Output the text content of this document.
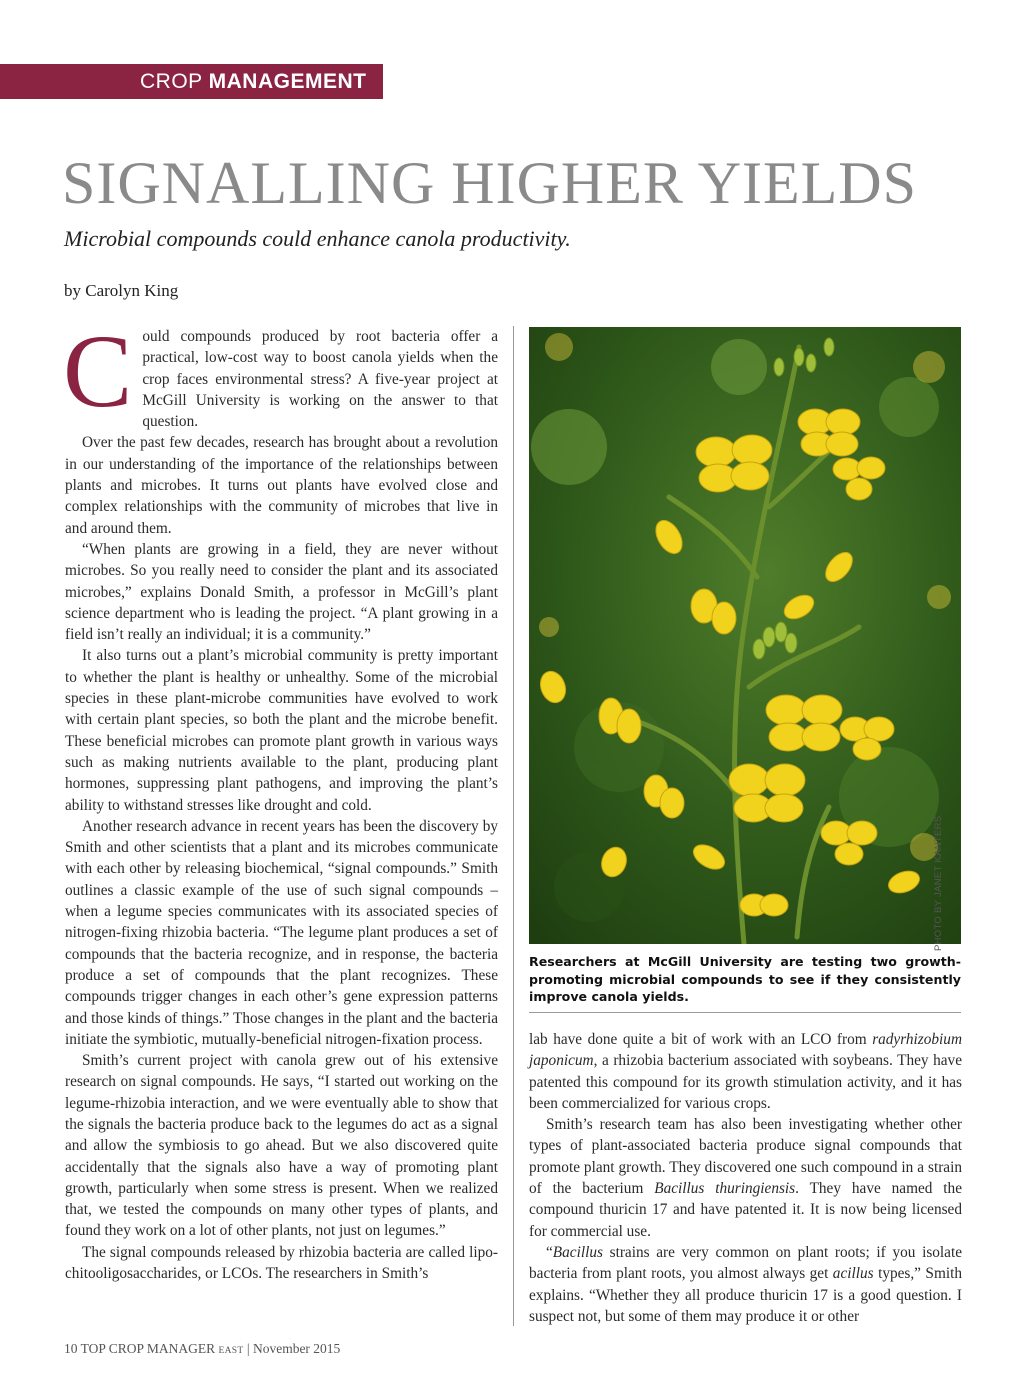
CROP MANAGEMENT
SIGNALLING HIGHER YIELDS
Microbial compounds could enhance canola productivity.
by Carolyn King

Could compounds produced by root bacteria offer a practical, low-cost way to boost canola yields when the crop faces environmental stress? A five-year project at McGill University is working on the answer to that question.

Over the past few decades, research has brought about a revolution in our understanding of the importance of the relationships between plants and microbes. It turns out plants have evolved close and complex relationships with the community of microbes that live in and around them.

“When plants are growing in a field, they are never without microbes. So you really need to consider the plant and its associated microbes,” explains Donald Smith, a professor in McGill’s plant science department who is leading the project. “A plant growing in a field isn’t really an individual; it is a community.”

It also turns out a plant’s microbial community is pretty important to whether the plant is healthy or unhealthy. Some of the microbial species in these plant-microbe communities have evolved to work with certain plant species, so both the plant and the microbe benefit. These beneficial microbes can promote plant growth in various ways such as making nutrients available to the plant, producing plant hormones, suppressing plant pathogens, and improving the plant’s ability to withstand stresses like drought and cold.

Another research advance in recent years has been the discovery by Smith and other scientists that a plant and its microbes communicate with each other by releasing biochemical, “signal compounds.” Smith outlines a classic example of the use of such signal compounds – when a legume species communicates with its associated species of nitrogen-fixing rhizobia bacteria. “The legume plant produces a set of compounds that the bacteria recognize, and in response, the bacteria produce a set of compounds that the plant recognizes. These compounds trigger changes in each other’s gene expression patterns and those kinds of things.” Those changes in the plant and the bacteria initiate the symbiotic, mutually-beneficial nitrogen-fixation process.

Smith’s current project with canola grew out of his extensive research on signal compounds. He says, “I started out working on the legume-rhizobia interaction, and we were eventually able to show that the signals the bacteria produce back to the legumes do act as a signal and allow the symbiosis to go ahead. But we also discovered quite accidentally that the signals also have a way of promoting plant growth, particularly when some stress is present. When we realized that, we tested the compounds on many other types of plants, and found they work on a lot of other plants, not just on legumes.”

The signal compounds released by rhizobia bacteria are called lipo-chitooligosaccharides, or LCOs. The researchers in Smith’s

PHOTO BY JANET KANTERS
Researchers at McGill University are testing two growth-promoting microbial compounds to see if they consistently improve canola yields.

lab have done quite a bit of work with an LCO from radyrhizobium japonicum, a rhizobia bacterium associated with soybeans. They have patented this compound for its growth stimulation activity, and it has been commercialized for various crops.

Smith’s research team has also been investigating whether other types of plant-associated bacteria produce signal compounds that promote plant growth. They discovered one such compound in a strain of the bacterium Bacillus thuringiensis. They have named the compound thuricin 17 and have patented it. It is now being licensed for commercial use.

“Bacillus strains are very common on plant roots; if you isolate bacteria from plant roots, you almost always get acillus types,” Smith explains. “Whether they all produce thuricin 17 is a good question. I suspect not, but some of them may produce it or other

10 TOP CROP MANAGER EAST | November 2015
